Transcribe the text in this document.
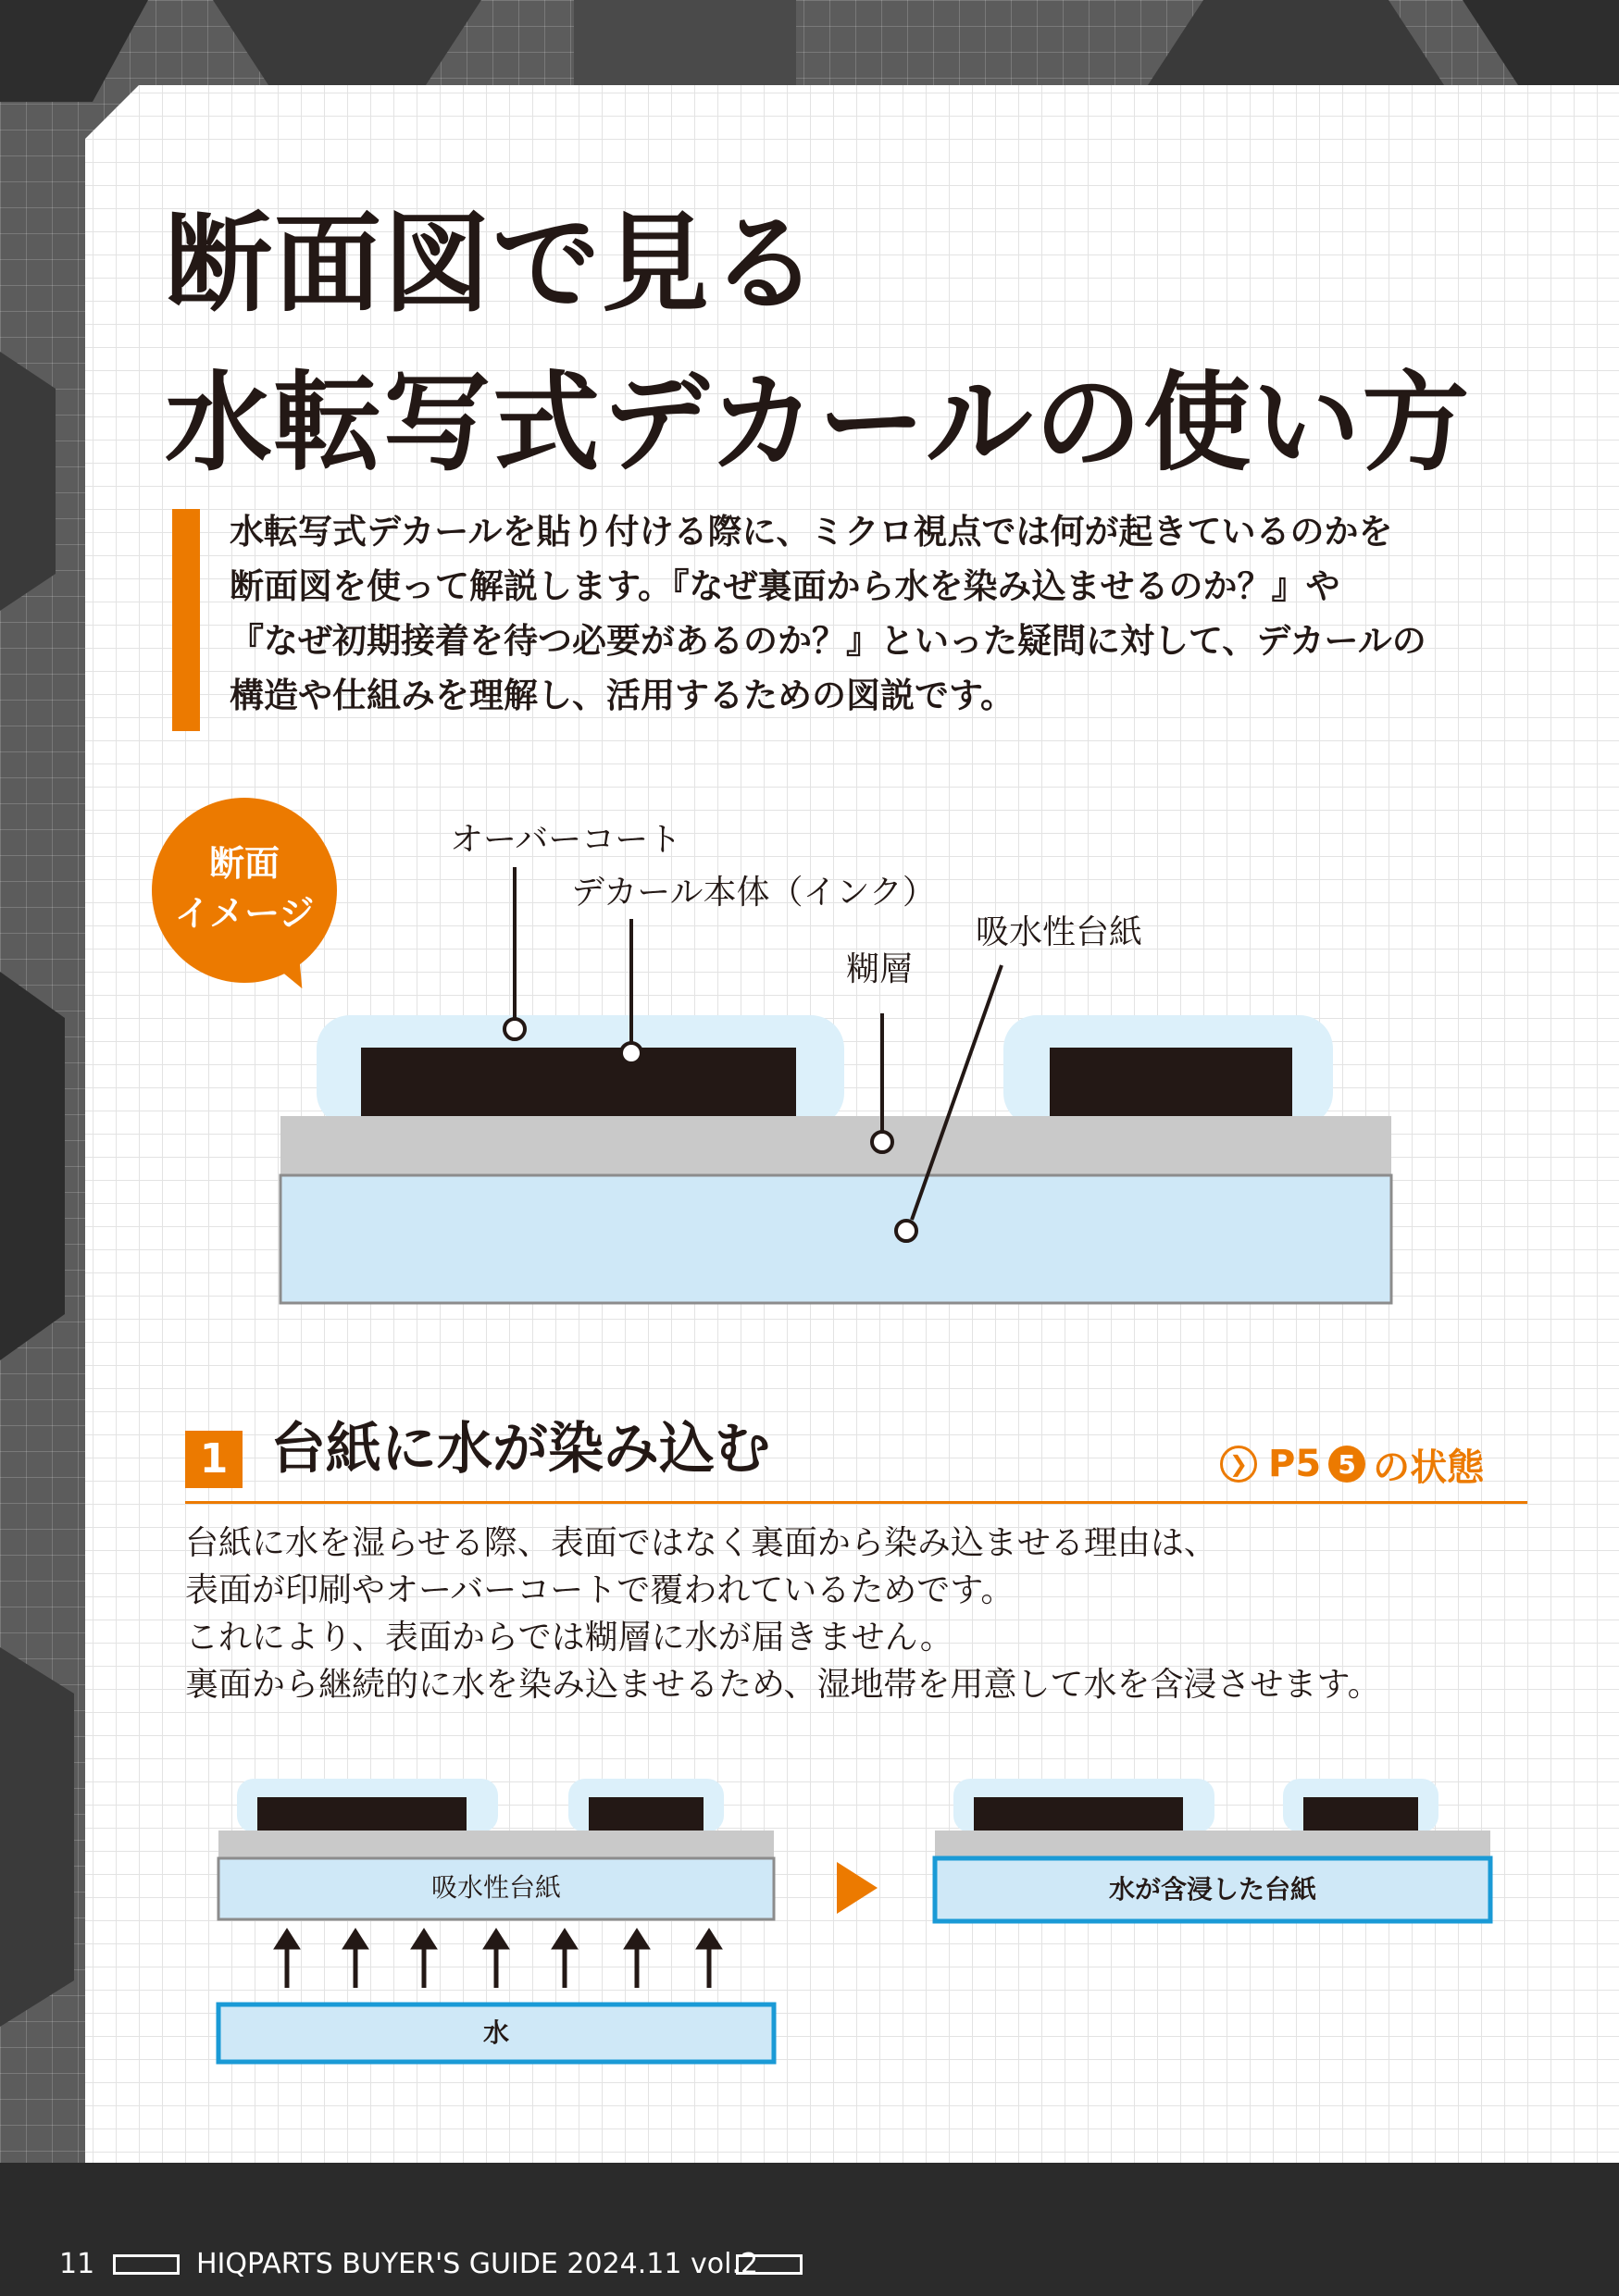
断面図で見る
水転写式デカールの使い方

水転写式デカールを貼り付ける際に、ミクロ視点では何が起きているのかを
断面図を使って解説します。『なぜ裏面から水を染み込ませるのか？』や
『なぜ初期接着を待つ必要があるのか？』といった疑問に対して、デカールの
構造や仕組みを理解し、活用するための図説です。

断面
イメージ
オーバーコート
デカール本体（インク）
糊層
吸水性台紙
1 台紙に水が染み込む	❯ P5 5 の状態

台紙に水を湿らせる際、表面ではなく裏面から染み込ませる理由は、
表面が印刷やオーバーコートで覆われているためです。
これにより、表面からでは糊層に水が届きません。
裏面から継続的に水を染み込ませるため、湿地帯を用意して水を含浸させます。

吸水性台紙
水
水が含浸した台紙
11	HIQPARTS BUYER'S GUIDE 2024.11 vol.2
